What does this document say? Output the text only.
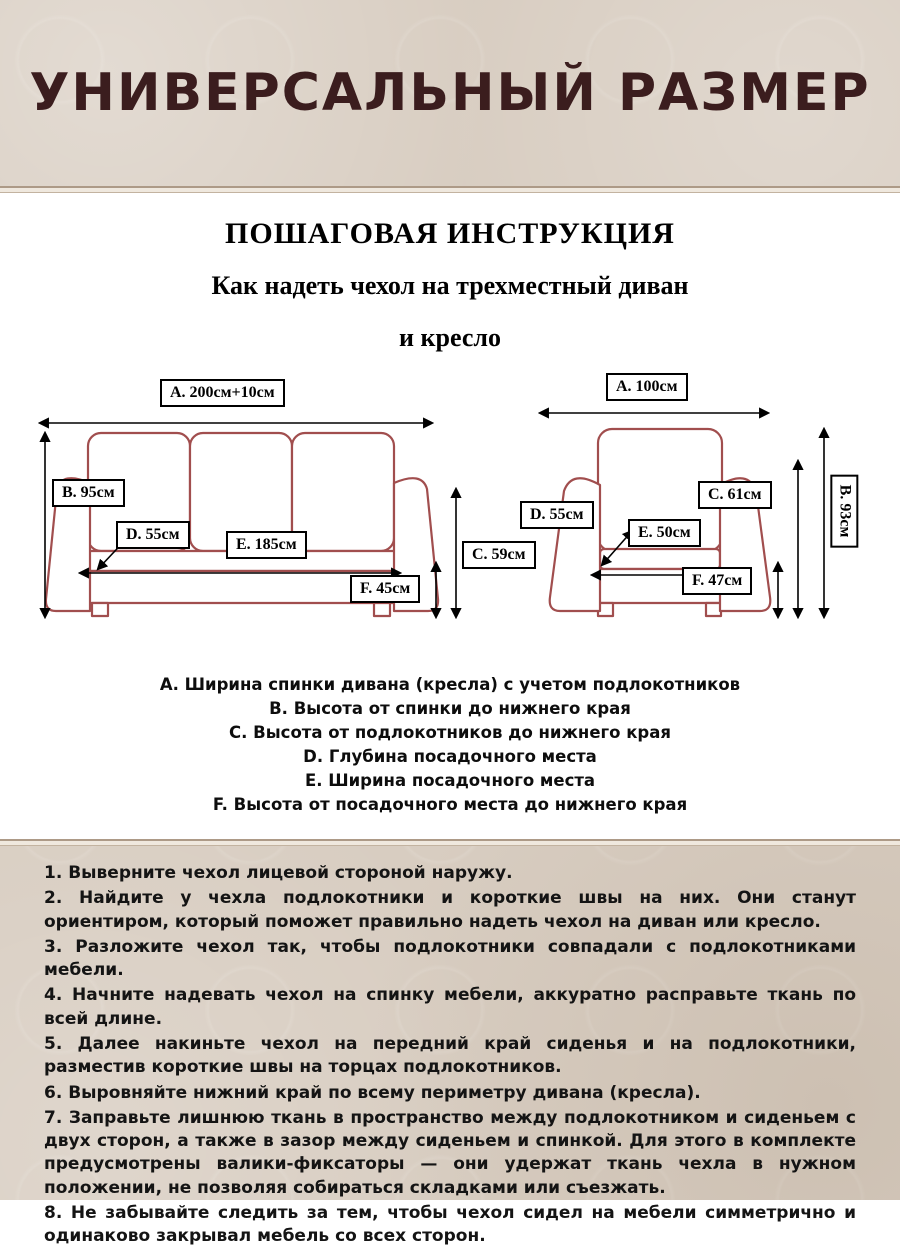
УНИВЕРСАЛЬНЫЙ РАЗМЕР
ПОШАГОВАЯ ИНСТРУКЦИЯ

Как надеть чехол на трехместный диван

и кресло

А. 200см+10см
В. 95см
D. 55см
Е. 185см
С. 59см
F. 45см
А. 100см
D. 55см
С. 61см
Е. 50см	В. 93см
F. 47см

А. Ширина спинки дивана (кресла) с учетом подлокотников

В. Высота от спинки до нижнего края

С. Высота от подлокотников до нижнего края

D. Глубина посадочного места

Е. Ширина посадочного места

F. Высота от посадочного места до нижнего края

1. Выверните чехол лицевой стороной наружу.

2. Найдите у чехла подлокотники и короткие швы на них. Они станут ориентиром, который поможет правильно надеть чехол на диван или кресло.

3. Разложите чехол так, чтобы подлокотники совпадали с подлокотниками мебели.

4. Начните надевать чехол на спинку мебели, аккуратно расправьте ткань по всей длине.

5. Далее накиньте чехол на передний край сиденья и на подлокотники, разместив короткие швы на торцах подлокотников.

6. Выровняйте нижний край по всему периметру дивана (кресла).

7. Заправьте лишнюю ткань в пространство между подлокотником и сиденьем с двух сторон, а также в зазор между сиденьем и спинкой. Для этого в комплекте предусмотрены валики-фиксаторы — они удержат ткань чехла в нужном положении, не позволяя собираться складками или съезжать.

8. Не забывайте следить за тем, чтобы чехол сидел на мебели симметрично и одинаково закрывал мебель со всех сторон.
